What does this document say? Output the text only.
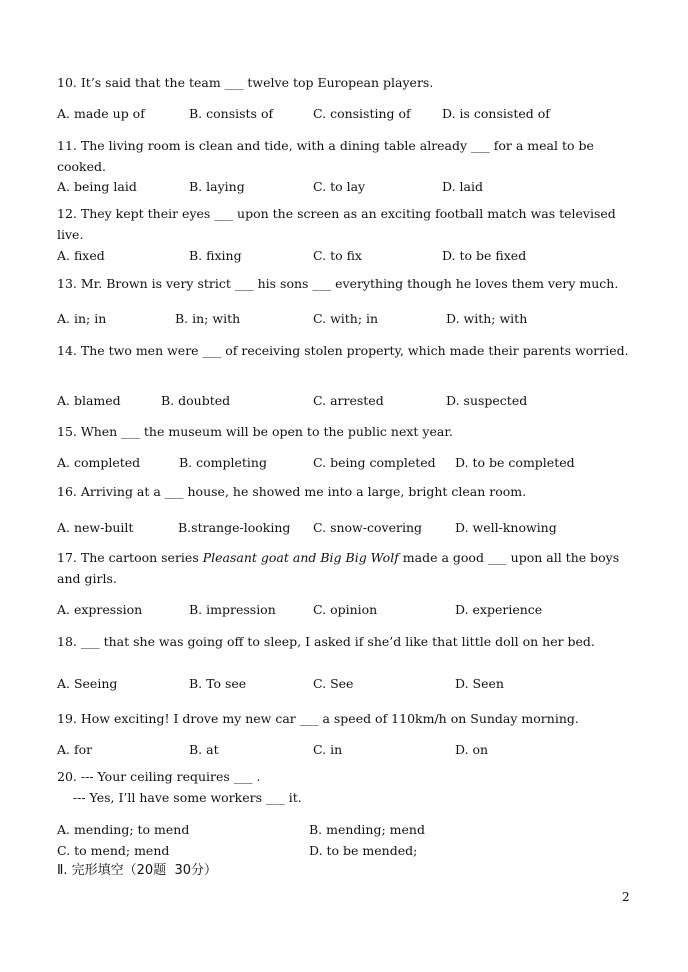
10. It’s said that the team ___ twelve top European players.

A. made up of

	B. consists of

	C. consisting of

	D. is consisted of

11. The living room is clean and tide, with a dining table already ___ for a meal to be cooked.

A. being laid

	B. laying

	C. to lay

	D. laid

12. They kept their eyes ___ upon the screen as an exciting football match was televised live.

A. fixed

	B. fixing

	C. to fix

	D. to be fixed

13. Mr. Brown is very strict ___ his sons ___ everything though he loves them very much.

A. in; in

	B. in; with

	C. with; in

	D. with; with

14. The two men were ___ of receiving stolen property, which made their parents worried.

A. blamed

	B. doubted

	C. arrested

	D. suspected

15. When ___ the museum will be open to the public next year.

A. completed

	B. completing

	C. being completed

D. to be completed

16. Arriving at a ___ house, he showed me into a large, bright clean room.

A. new-built

	B.strange-looking

C. snow-covering

	D. well-knowing

17. The cartoon series Pleasant goat and Big Big Wolf made a good ___ upon all the boys and girls.

A. expression

	B. impression

	C. opinion

	D. experience

18. ___ that she was going off to sleep, I asked if she’d like that little doll on her bed.

A. Seeing

	B. To see

	C. See

	D. Seen

19. How exciting! I drove my new car ___ a speed of 110km/h on Sunday morning.

A. for

	B. at

	C. in

	D. on

20. --- Your ceiling requires ___ .
--- Yes, I’ll have some workers ___ it.

A. mending; to mend

	B. mending; mend

C. to mend; mend

	D. to be mended;

Ⅱ. 完形填空（20题  30分）
2
